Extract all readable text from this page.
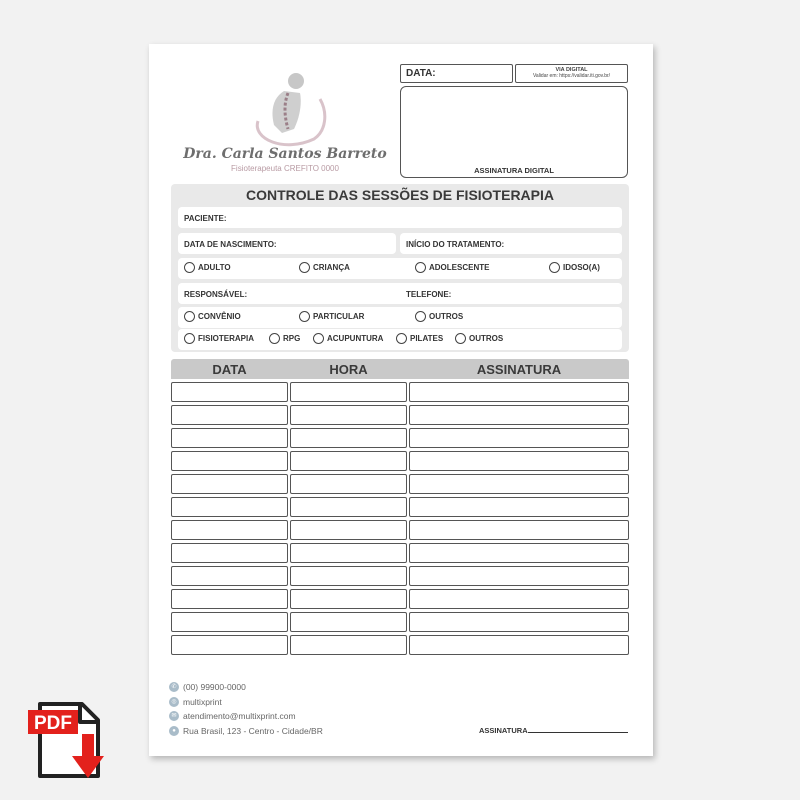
Dra. Carla Santos Barreto
Fisioterapeuta CREFITO 0000
DATA:	VIA DIGITAL
Validar em: https://validar.iti.gov.br/
ASSINATURA DIGITAL
CONTROLE DAS SESSÕES DE FISIOTERAPIA
PACIENTE:
DATA DE NASCIMENTO:	INÍCIO DO TRATAMENTO:
ADULTO	CRIANÇA	ADOLESCENTE	IDOSO(A)
RESPONSÁVEL:	TELEFONE:
CONVÊNIO	PARTICULAR	OUTROS
FISIOTERAPIA	RPG	ACUPUNTURA	PILATES	OUTROS
DATA	HORA	ASSINATURA
✆ (00) 99900-0000
◎ multixprint
✉ atendimento@multixprint.com
● Rua Brasil, 123 - Centro - Cidade/BR	ASSINATURA
PDF
